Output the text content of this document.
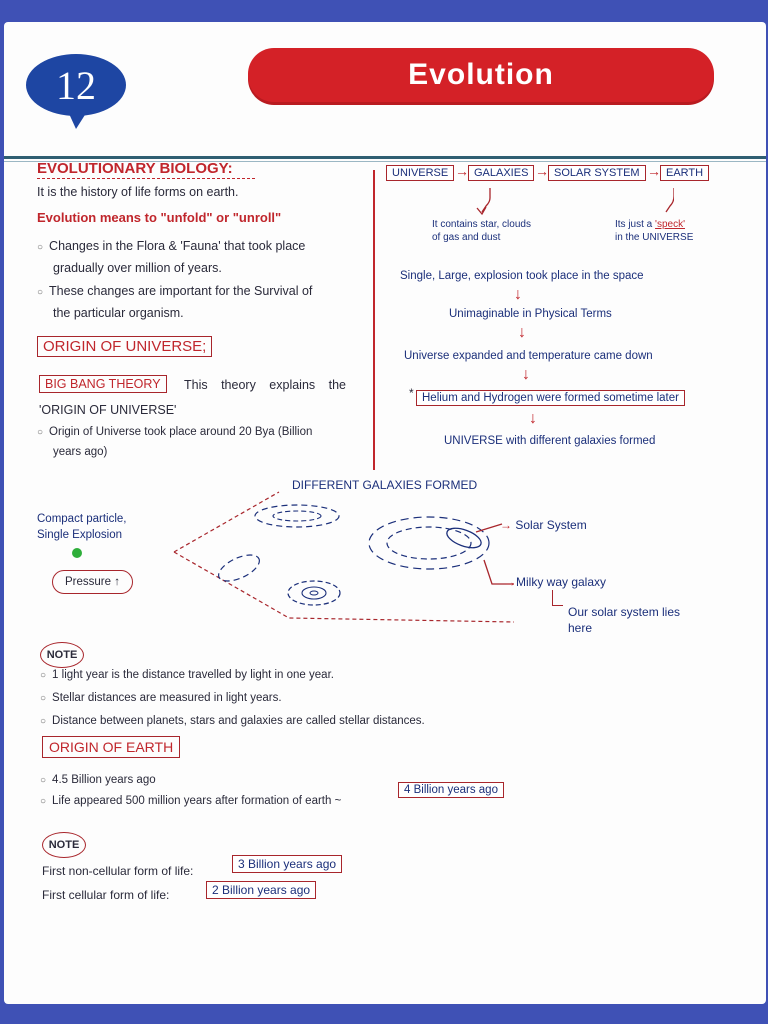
12	Evolution
EVOLUTIONARY BIOLOGY:
It is the history of life forms on earth.
Evolution means to "unfold" or "unroll"
○ Changes in the Flora & 'Fauna' that took place
gradually over million of years.
○ These changes are important for the Survival of
the particular organism.
ORIGIN OF UNIVERSE;
BIG BANG THEORY	This theory explains the
'ORIGIN OF UNIVERSE'
○ Origin of Universe took place around 20 Bya (Billion
years ago)
UNIVERSE	GALAXIES	SOLAR SYSTEM	EARTH
→	→	→
It contains star, clouds
of gas and dust
Its just a 'speck'
in the UNIVERSE
Single, Large, explosion took place in the space
↓
Unimaginable in Physical Terms
↓
Universe expanded and temperature came down
↓
* Helium and Hydrogen were formed sometime later
↓
UNIVERSE with different galaxies formed
DIFFERENT GALAXIES FORMED
Compact particle,
Single Explosion
Pressure ↑
→ Solar System
→Milky way galaxy
Our solar system lies
here
NOTE
○ 1 light year is the distance travelled by light in one year.
○ Stellar distances are measured in light years.
○ Distance between planets, stars and galaxies are called stellar distances.
ORIGIN OF EARTH
○ 4.5 Billion years ago
○ Life appeared 500 million years after formation of earth ~
4 Billion years ago
NOTE
First non-cellular form of life:	3 Billion years ago
First cellular form of life:	2 Billion years ago
